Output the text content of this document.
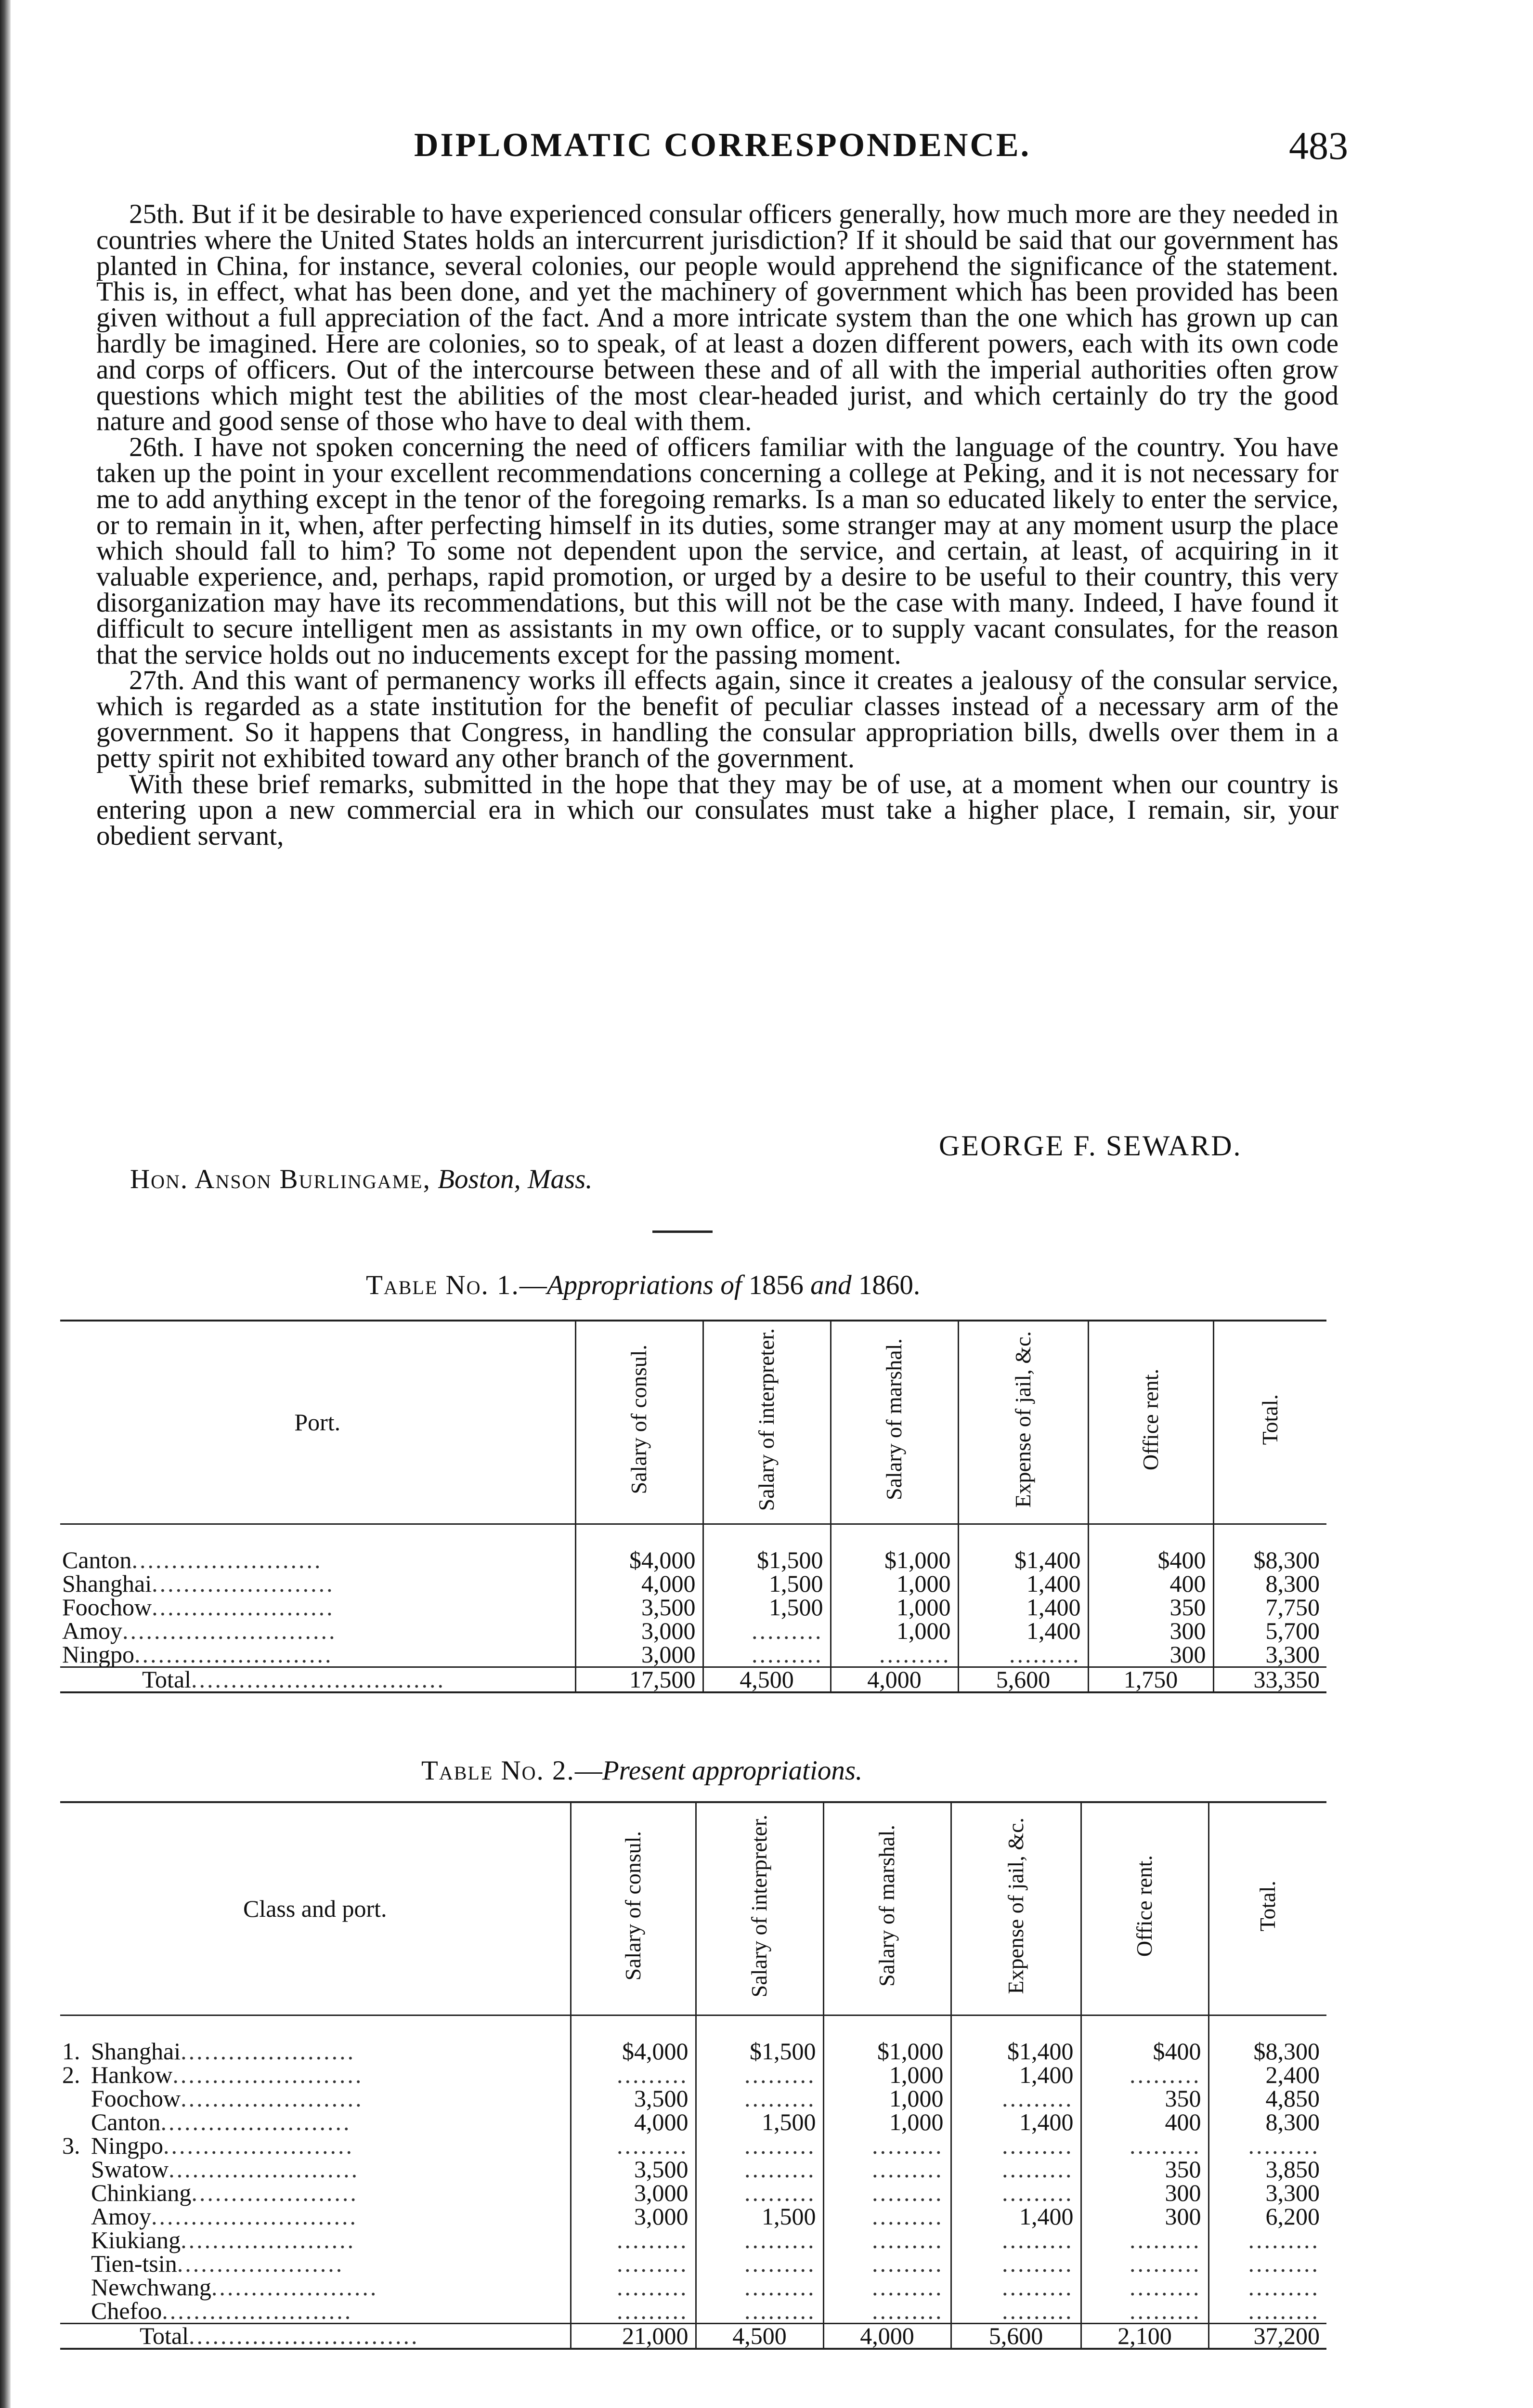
DIPLOMATIC CORRESPONDENCE.	483

25th. But if it be desirable to have experienced consular officers generally, how much more are they needed in countries where the United States holds an intercurrent jurisdiction? If it should be said that our government has planted in China, for instance, several colonies, our people would apprehend the significance of the statement. This is, in effect, what has been done, and yet the machinery of government which has been provided has been given without a full appreciation of the fact. And a more intricate system than the one which has grown up can hardly be imagined. Here are colonies, so to speak, of at least a dozen different powers, each with its own code and corps of officers. Out of the intercourse between these and of all with the imperial authorities often grow questions which might test the abilities of the most clear-headed jurist, and which certainly do try the good nature and good sense of those who have to deal with them.

26th. I have not spoken concerning the need of officers familiar with the language of the country. You have taken up the point in your excellent recommendations concerning a college at Peking, and it is not necessary for me to add anything except in the tenor of the foregoing remarks. Is a man so educated likely to enter the service, or to remain in it, when, after perfecting himself in its duties, some stranger may at any moment usurp the place which should fall to him? To some not dependent upon the service, and certain, at least, of acquiring in it valuable experience, and, perhaps, rapid promotion, or urged by a desire to be useful to their country, this very disorganization may have its recommendations, but this will not be the case with many. Indeed, I have found it difficult to secure intelligent men as assistants in my own office, or to supply vacant consulates, for the reason that the service holds out no inducements except for the passing moment.

27th. And this want of permanency works ill effects again, since it creates a jealousy of the consular service, which is regarded as a state institution for the benefit of peculiar classes instead of a necessary arm of the government. So it happens that Congress, in handling the consular appropriation bills, dwells over them in a petty spirit not exhibited toward any other branch of the government.

With these brief remarks, submitted in the hope that they may be of use, at a moment when our country is entering upon a new commercial era in which our consulates must take a higher place, I remain, sir, your obedient servant,

GEORGE F. SEWARD.
Hon. Anson Burlingame, Boston, Mass.
Table No. 1.—Appropriations of 1856 and 1860.
Port.	Salary of consul.	Salary of interpreter.	Salary of marshal.	Expense of jail, &c.	Office rent.	Total.

Canton........................	$4,000	$1,500	$1,000	$1,400	$400	$8,300
Shanghai.......................	4,000	1,500	1,000	1,400	400	8,300
Foochow.......................	3,500	1,500	1,000	1,400	350	7,750
Amoy...........................	3,000	.........	1,000	1,400	300	5,700
Ningpo.........................	3,000	.........	.........	.........	300	3,300
Total................................	17,500	4,500	4,000	5,600	1,750	33,350
Table No. 2.—Present appropriations.
Class and port.	Salary of consul.	Salary of interpreter.	Salary of marshal.	Expense of jail, &c.	Office rent.	Total.

1. Shanghai......................	$4,000	$1,500	$1,000	$1,400	$400	$8,300
2. Hankow........................	.........	.........	1,000	1,400	.........	2,400
Foochow.......................	3,500	.........	1,000	.........	350	4,850
Canton........................	4,000	1,500	1,000	1,400	400	8,300
3. Ningpo........................	.........	.........	.........	.........	.........	.........
Swatow........................	3,500	.........	.........	.........	350	3,850
Chinkiang.....................	3,000	.........	.........	.........	300	3,300
Amoy..........................	3,000	1,500	.........	1,400	300	6,200
Kiukiang......................	.........	.........	.........	.........	.........	.........
Tien-tsin.....................	.........	.........	.........	.........	.........	.........
Newchwang.....................	.........	.........	.........	.........	.........	.........
Chefoo........................	.........	.........	.........	.........	.........	.........
Total.............................	21,000	4,500	4,000	5,600	2,100	37,200
